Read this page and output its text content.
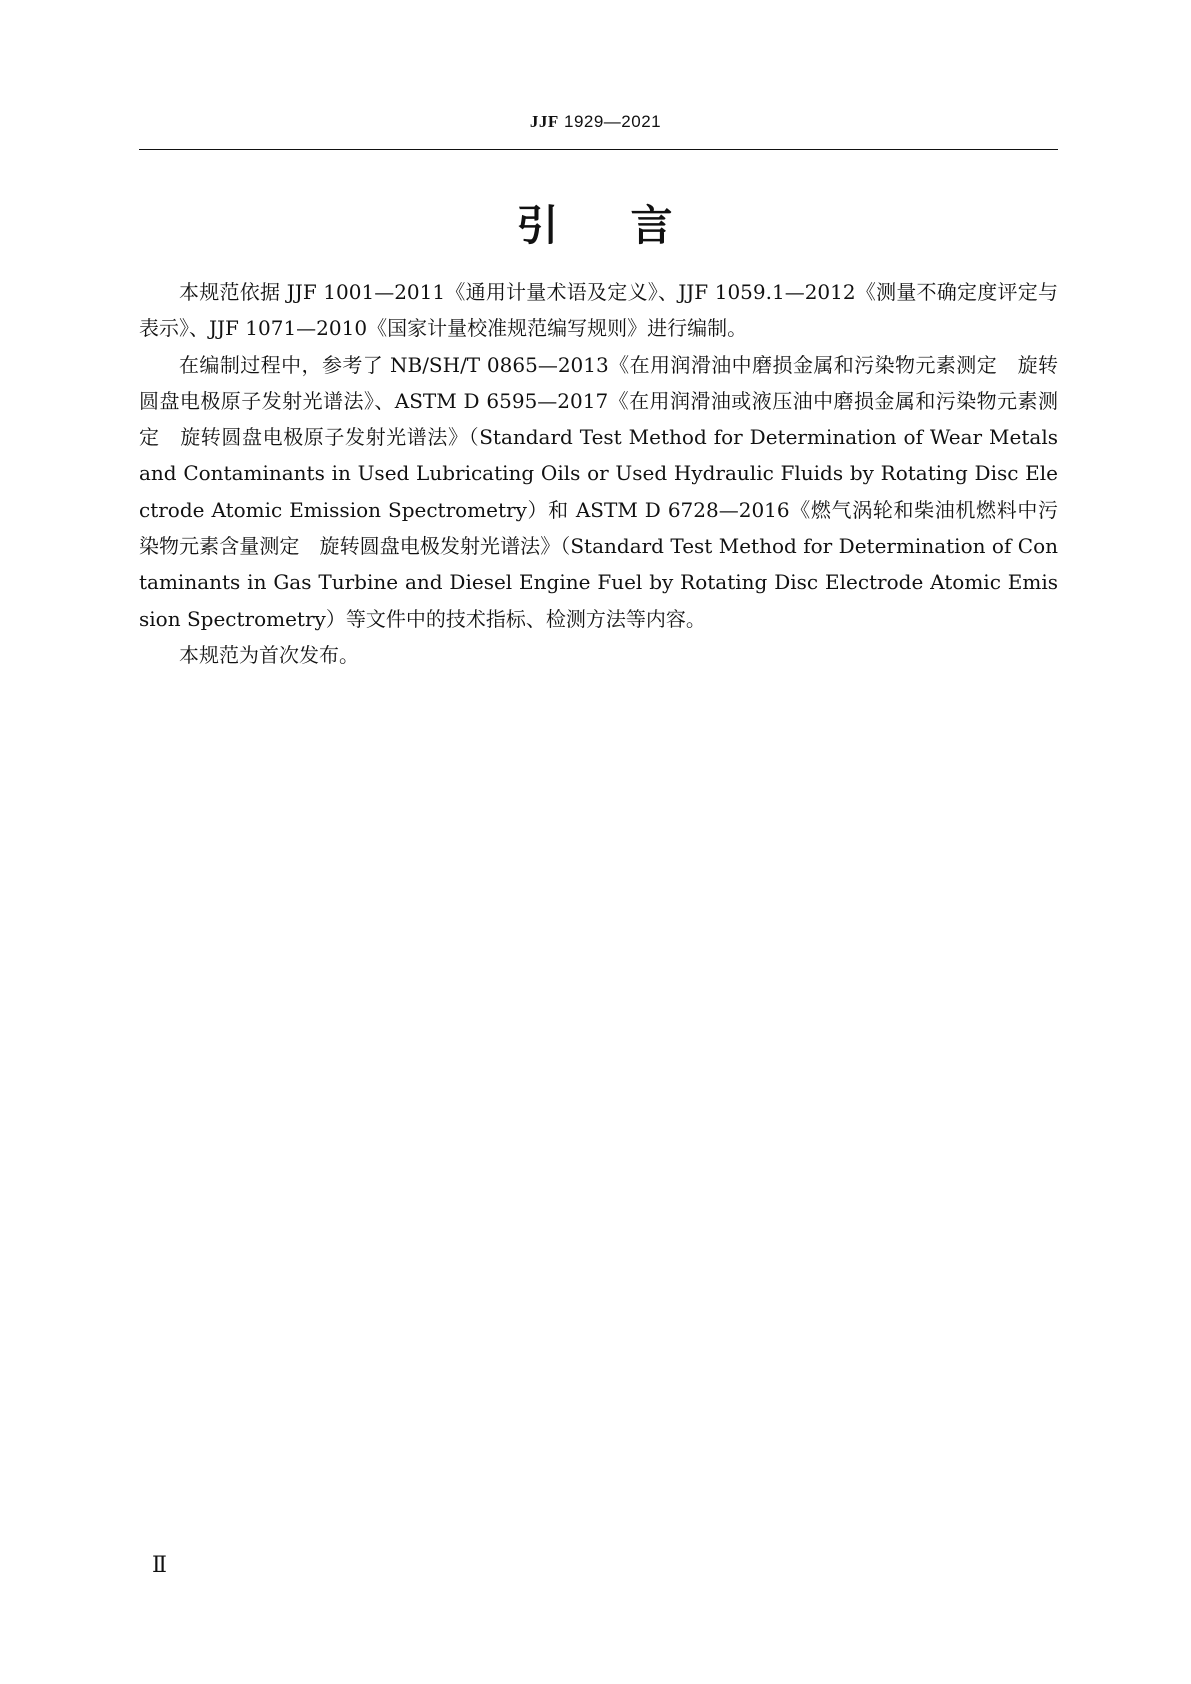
JJF 1929—2021
引 言

本规范依据 JJF 1001—2011《通用计量术语及定义》、JJF 1059.1—2012《测量不确定度评定与表示》、JJF 1071—2010《国家计量校准规范编写规则》进行编制。

在编制过程中，参考了 NB/SH/T 0865—2013《在用润滑油中磨损金属和污染物元素测定　旋转圆盘电极原子发射光谱法》、ASTM D 6595—2017《在用润滑油或液压油中磨损金属和污染物元素测定　旋转圆盘电极原子发射光谱法》（Standard Test Method for Determination of Wear Metals and Contaminants in Used Lubricating Oils or Used Hydraulic Fluids by Rotating Disc Electrode Atomic Emission Spectrometry）和 ASTM D 6728—2016《燃气涡轮和柴油机燃料中污染物元素含量测定　旋转圆盘电极发射光谱法》（Standard Test Method for Determination of Contaminants in Gas Turbine and Diesel Engine Fuel by Rotating Disc Electrode Atomic Emission Spectrometry）等文件中的技术指标、检测方法等内容。

本规范为首次发布。

Ⅱ
